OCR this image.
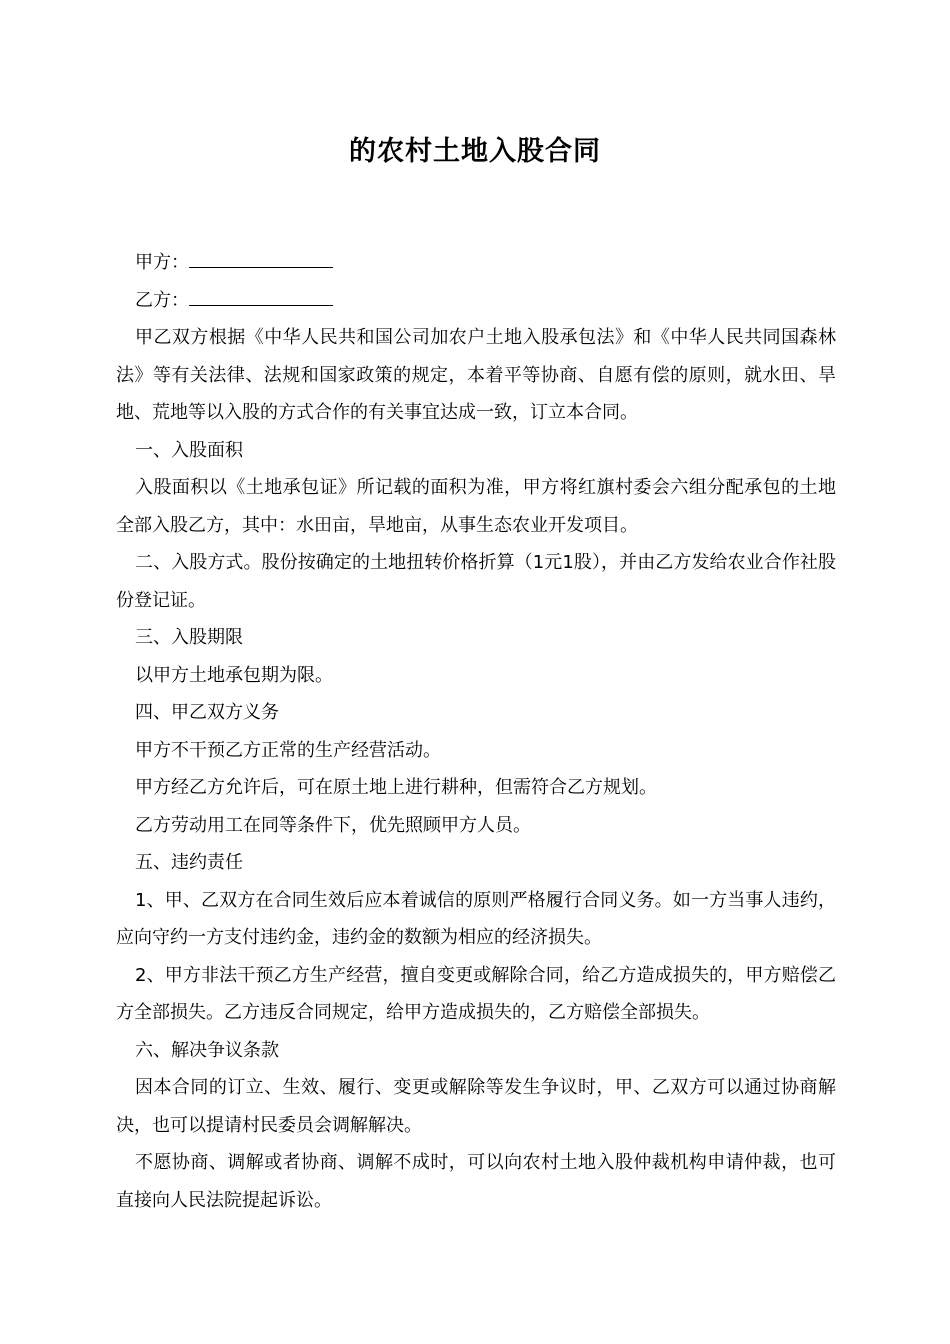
的农村土地入股合同

甲方：

乙方：

甲乙双方根据《中华人民共和国公司加农户土地入股承包法》和《中华人民共同国森林法》等有关法律、法规和国家政策的规定，本着平等协商、自愿有偿的原则，就水田、旱地、荒地等以入股的方式合作的有关事宜达成一致，订立本合同。

一、入股面积

入股面积以《土地承包证》所记载的面积为准，甲方将红旗村委会六组分配承包的土地全部入股乙方，其中：水田亩，旱地亩，从事生态农业开发项目。

二、入股方式。股份按确定的土地扭转价格折算（1元1股），并由乙方发给农业合作社股份登记证。

三、入股期限

以甲方土地承包期为限。

四、甲乙双方义务

甲方不干预乙方正常的生产经营活动。

甲方经乙方允许后，可在原土地上进行耕种，但需符合乙方规划。

乙方劳动用工在同等条件下，优先照顾甲方人员。

五、违约责任

1、甲、乙双方在合同生效后应本着诚信的原则严格履行合同义务。如一方当事人违约，应向守约一方支付违约金，违约金的数额为相应的经济损失。

2、甲方非法干预乙方生产经营，擅自变更或解除合同，给乙方造成损失的，甲方赔偿乙方全部损失。乙方违反合同规定，给甲方造成损失的，乙方赔偿全部损失。

六、解决争议条款

因本合同的订立、生效、履行、变更或解除等发生争议时，甲、乙双方可以通过协商解决，也可以提请村民委员会调解解决。

不愿协商、调解或者协商、调解不成时，可以向农村土地入股仲裁机构申请仲裁，也可直接向人民法院提起诉讼。
